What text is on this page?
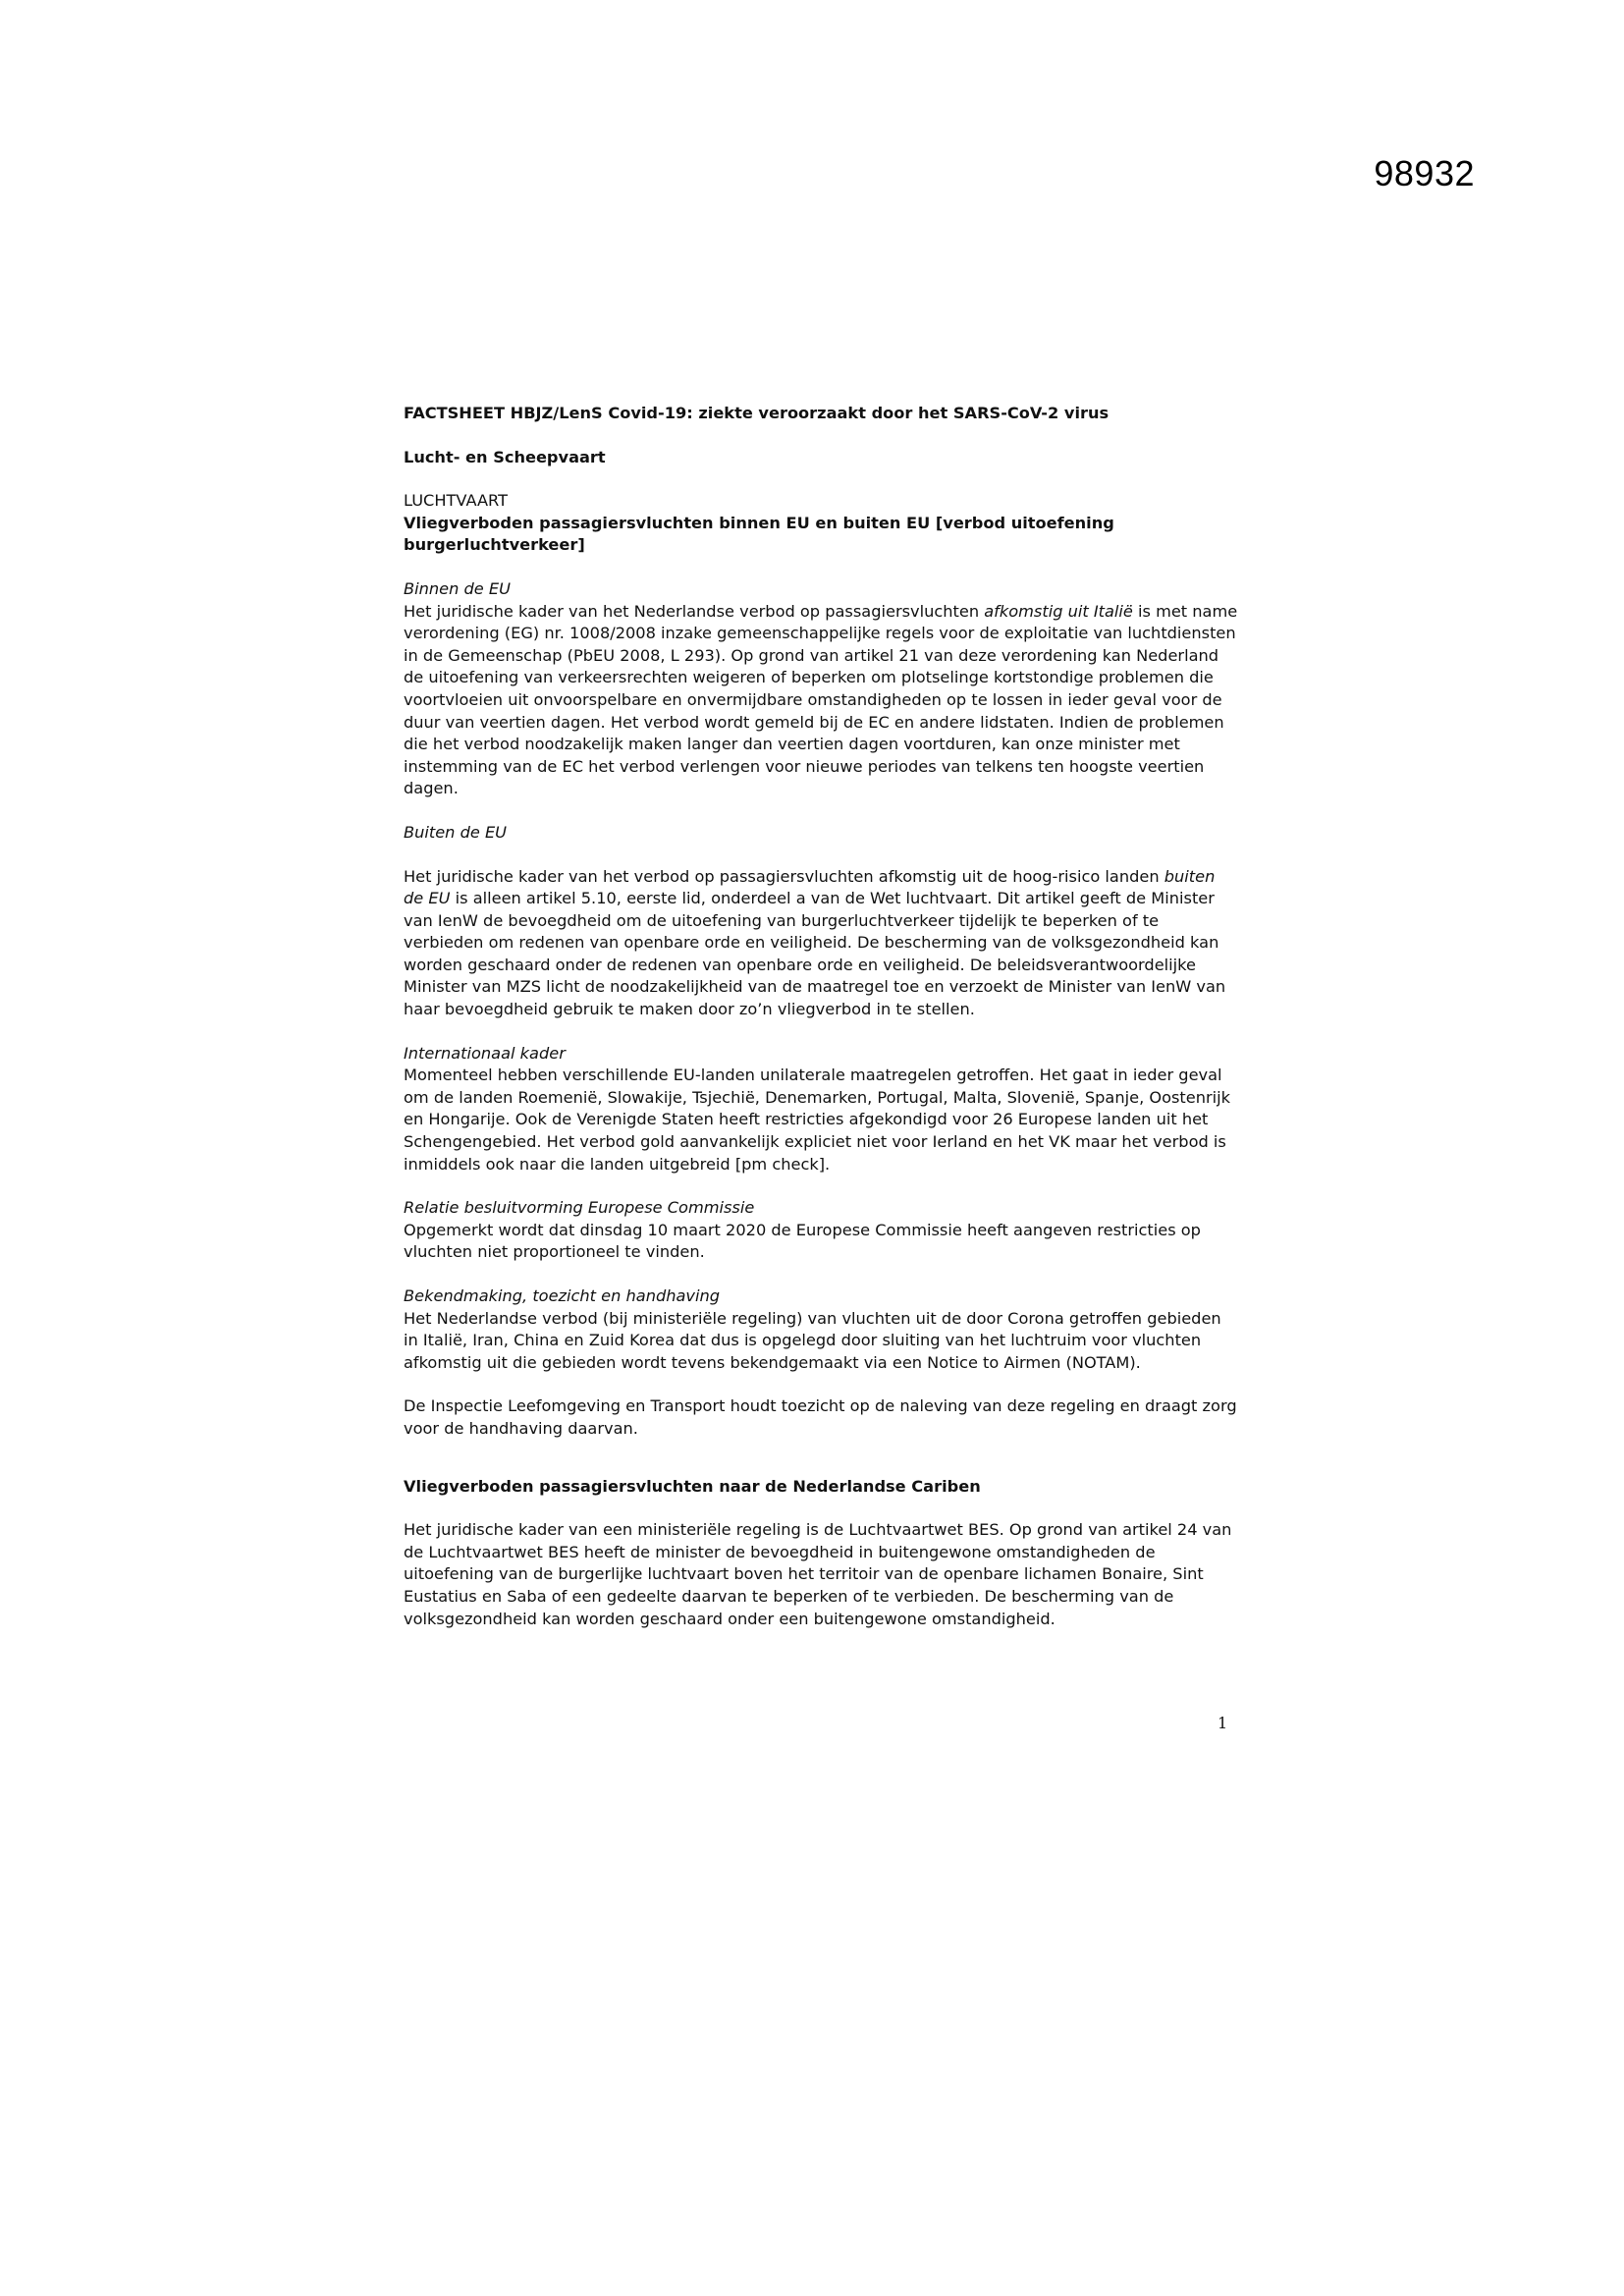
98932

FACTSHEET HBJZ/LenS Covid-19: ziekte veroorzaakt door het SARS-CoV-2 virus

Lucht- en Scheepvaart

LUCHTVAART

Vliegverboden passagiersvluchten binnen EU en buiten EU [verbod uitoefening burgerluchtverkeer]

Binnen de EU

Het juridische kader van het Nederlandse verbod op passagiersvluchten afkomstig uit Italië is met name verordening (EG) nr. 1008/2008 inzake gemeenschappelijke regels voor de exploitatie van luchtdiensten in de Gemeenschap (PbEU 2008, L 293). Op grond van artikel 21 van deze verordening kan Nederland de uitoefening van verkeersrechten weigeren of beperken om plotselinge kortstondige problemen die voortvloeien uit onvoorspelbare en onvermijdbare omstandigheden op te lossen in ieder geval voor de duur van veertien dagen. Het verbod wordt gemeld bij de EC en andere lidstaten. Indien de problemen die het verbod noodzakelijk maken langer dan veertien dagen voortduren, kan onze minister met instemming van de EC het verbod verlengen voor nieuwe periodes van telkens ten hoogste veertien dagen.

Buiten de EU

Het juridische kader van het verbod op passagiersvluchten afkomstig uit de hoog-risico landen buiten de EU is alleen artikel 5.10, eerste lid, onderdeel a van de Wet luchtvaart. Dit artikel geeft de Minister van IenW de bevoegdheid om de uitoefening van burgerluchtverkeer tijdelijk te beperken of te verbieden om redenen van openbare orde en veiligheid. De bescherming van de volksgezondheid kan worden geschaard onder de redenen van openbare orde en veiligheid. De beleidsverantwoordelijke Minister van MZS licht de noodzakelijkheid van de maatregel toe en verzoekt de Minister van IenW van haar bevoegdheid gebruik te maken door zo’n vliegverbod in te stellen.

Internationaal kader

Momenteel hebben verschillende EU-landen unilaterale maatregelen getroffen. Het gaat in ieder geval om de landen Roemenië, Slowakije, Tsjechië, Denemarken, Portugal, Malta, Slovenië, Spanje, Oostenrijk en Hongarije. Ook de Verenigde Staten heeft restricties afgekondigd voor 26 Europese landen uit het Schengengebied. Het verbod gold aanvankelijk expliciet niet voor Ierland en het VK maar het verbod is inmiddels ook naar die landen uitgebreid [pm check].

Relatie besluitvorming Europese Commissie

Opgemerkt wordt dat dinsdag 10 maart 2020 de Europese Commissie heeft aangeven restricties op vluchten niet proportioneel te vinden.

Bekendmaking, toezicht en handhaving

Het Nederlandse verbod (bij ministeriële regeling) van vluchten uit de door Corona getroffen gebieden in Italië, Iran, China en Zuid Korea dat dus is opgelegd door sluiting van het luchtruim voor vluchten afkomstig uit die gebieden wordt tevens bekendgemaakt via een Notice to Airmen (NOTAM).

De Inspectie Leefomgeving en Transport houdt toezicht op de naleving van deze regeling en draagt zorg voor de handhaving daarvan.

Vliegverboden passagiersvluchten naar de Nederlandse Cariben

Het juridische kader van een ministeriële regeling is de Luchtvaartwet BES. Op grond van artikel 24 van de Luchtvaartwet BES heeft de minister de bevoegdheid in buitengewone omstandigheden de uitoefening van de burgerlijke luchtvaart boven het territoir van de openbare lichamen Bonaire, Sint Eustatius en Saba of een gedeelte daarvan te beperken of te verbieden. De bescherming van de volksgezondheid kan worden geschaard onder een buitengewone omstandigheid.

1
